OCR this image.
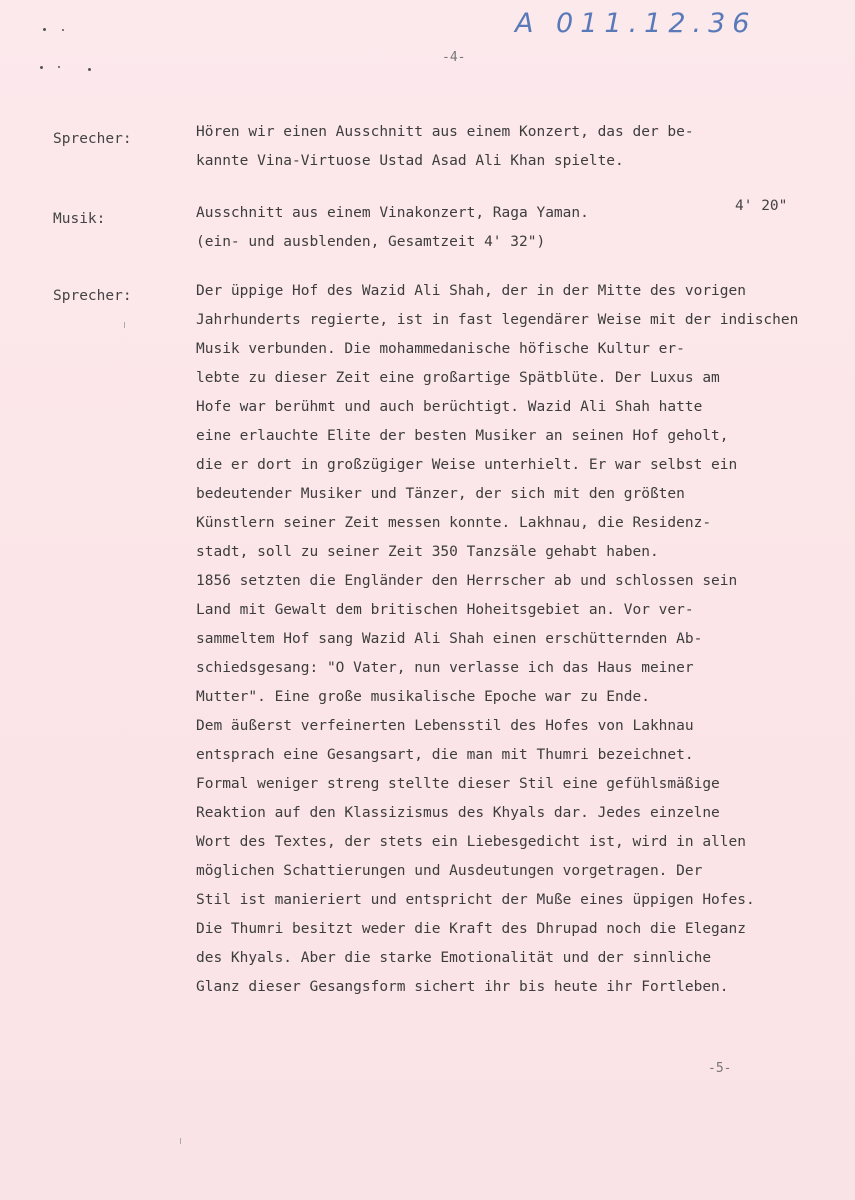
A 011.12.36
-4-
Sprecher:	Hören wir einen Ausschnitt aus einem Konzert, das der be-
kannte Vina-Virtuose Ustad Asad Ali Khan spielte.
Musik:	Ausschnitt aus einem Vinakonzert, Raga Yaman.
(ein- und ausblenden, Gesamtzeit 4' 32")
4' 20"
Sprecher:	Der üppige Hof des Wazid Ali Shah, der in der Mitte des vorigen
Jahrhunderts regierte, ist in fast legendärer Weise mit der indischen
Musik verbunden. Die mohammedanische höfische Kultur er-
lebte zu dieser Zeit eine großartige Spätblüte. Der Luxus am
Hofe war berühmt und auch berüchtigt. Wazid Ali Shah hatte
eine erlauchte Elite der besten Musiker an seinen Hof geholt,
die er dort in großzügiger Weise unterhielt. Er war selbst ein
bedeutender Musiker und Tänzer, der sich mit den größten
Künstlern seiner Zeit messen konnte. Lakhnau, die Residenz-
stadt, soll zu seiner Zeit 350 Tanzsäle gehabt haben.
1856 setzten die Engländer den Herrscher ab und schlossen sein
Land mit Gewalt dem britischen Hoheitsgebiet an. Vor ver-
sammeltem Hof sang Wazid Ali Shah einen erschütternden Ab-
schiedsgesang: "O Vater, nun verlasse ich das Haus meiner
Mutter". Eine große musikalische Epoche war zu Ende.
Dem äußerst verfeinerten Lebensstil des Hofes von Lakhnau
entsprach eine Gesangsart, die man mit Thumri bezeichnet.
Formal weniger streng stellte dieser Stil eine gefühlsmäßige
Reaktion auf den Klassizismus des Khyals dar. Jedes einzelne
Wort des Textes, der stets ein Liebesgedicht ist, wird in allen
möglichen Schattierungen und Ausdeutungen vorgetragen. Der
Stil ist manieriert und entspricht der Muße eines üppigen Hofes.
Die Thumri besitzt weder die Kraft des Dhrupad noch die Eleganz
des Khyals. Aber die starke Emotionalität und der sinnliche
Glanz dieser Gesangsform sichert ihr bis heute ihr Fortleben.
-5-
